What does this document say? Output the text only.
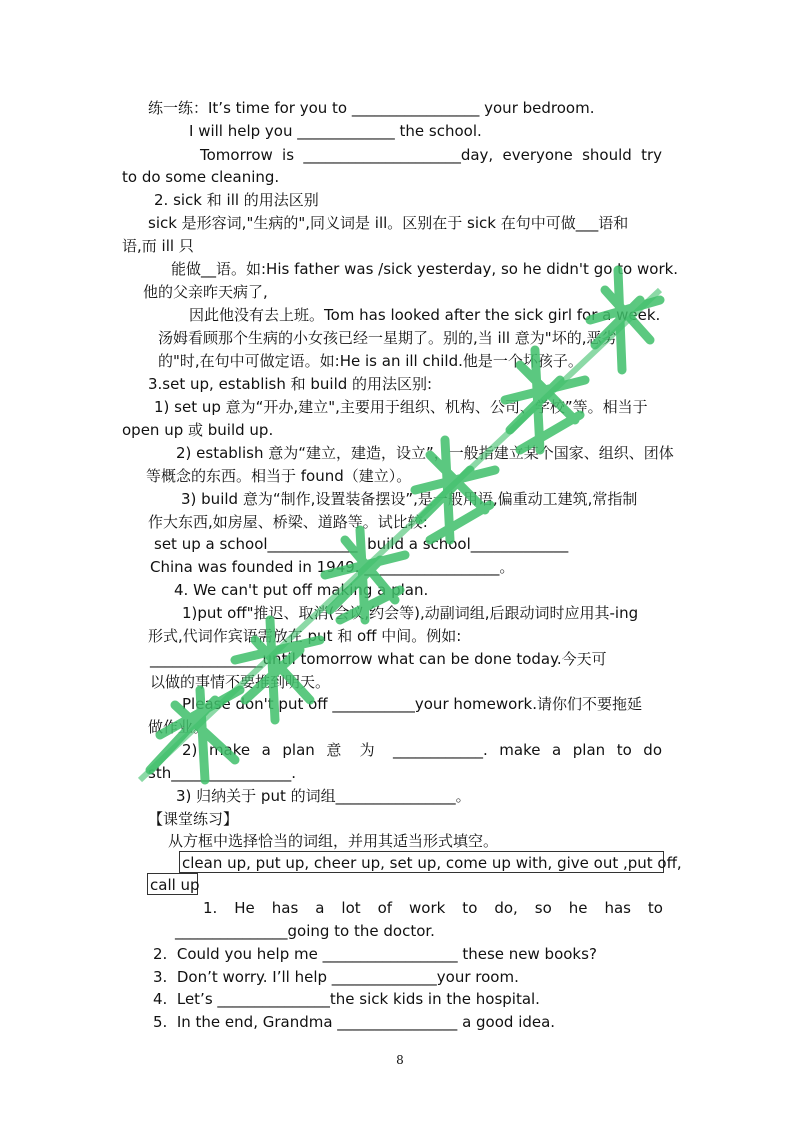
练一练：It’s time for you to _________________ your bedroom.
I will help you _____________ the school.
Tomorrow is _____________________day, everyone should try
to do some cleaning.
2. sick 和 ill 的用法区别
sick 是形容词,"生病的",同义词是 ill。区别在于 sick 在句中可做___语和
语,而 ill 只
能做__语。如:His father was /sick yesterday, so he didn't go to work.
他的父亲昨天病了,
因此他没有去上班。Tom has looked after the sick girl for a week.
汤姆看顾那个生病的小女孩已经一星期了。别的,当 ill 意为"坏的,恶劣
的"时,在句中可做定语。如:He is an ill child.他是一个坏孩子。
3.set up, establish 和 build 的用法区别:
1) set up 意为“开办,建立",主要用于组织、机构、公司、学校”等。相当于
open up 或 build up.
2) establish 意为“建立，建造，设立”，一般指建立某个国家、组织、团体
等概念的东西。相当于 found（建立）。
3) build 意为“制作,设置装备摆设”,是一般用语,偏重动工建筑,常指制
作大东西,如房屋、桥梁、道路等。试比较:
set up a school____________  build a school_____________
China was founded in 1949. __________________。
4. We can't put off making a plan.
1)put off"推迟、取消(会议,约会等),动副词组,后跟动词时应用其-ing
形式,代词作宾语需放在 put 和 off 中间。例如:
_______________until tomorrow what can be done today.今天可
以做的事情不要推到明天。
Please don't put off ___________your homework.请你们不要拖延
做作业。
2) make a plan 意 为 ____________. make a plan to do
sth________________.
3) 归纳关于 put 的词组________________。
【课堂练习】
从方框中选择恰当的词组，并用其适当形式填空。
clean up, put up, cheer up, set up, come up with, give out ,put off,
call up
1. He has a lot of work to do, so he has to
_______________going to the doctor.
2.  Could you help me __________________ these new books?
3.  Don’t worry. I’ll help ______________your room.
4.  Let’s _______________the sick kids in the hospital.
5.  In the end, Grandma ________________ a good idea.
8
